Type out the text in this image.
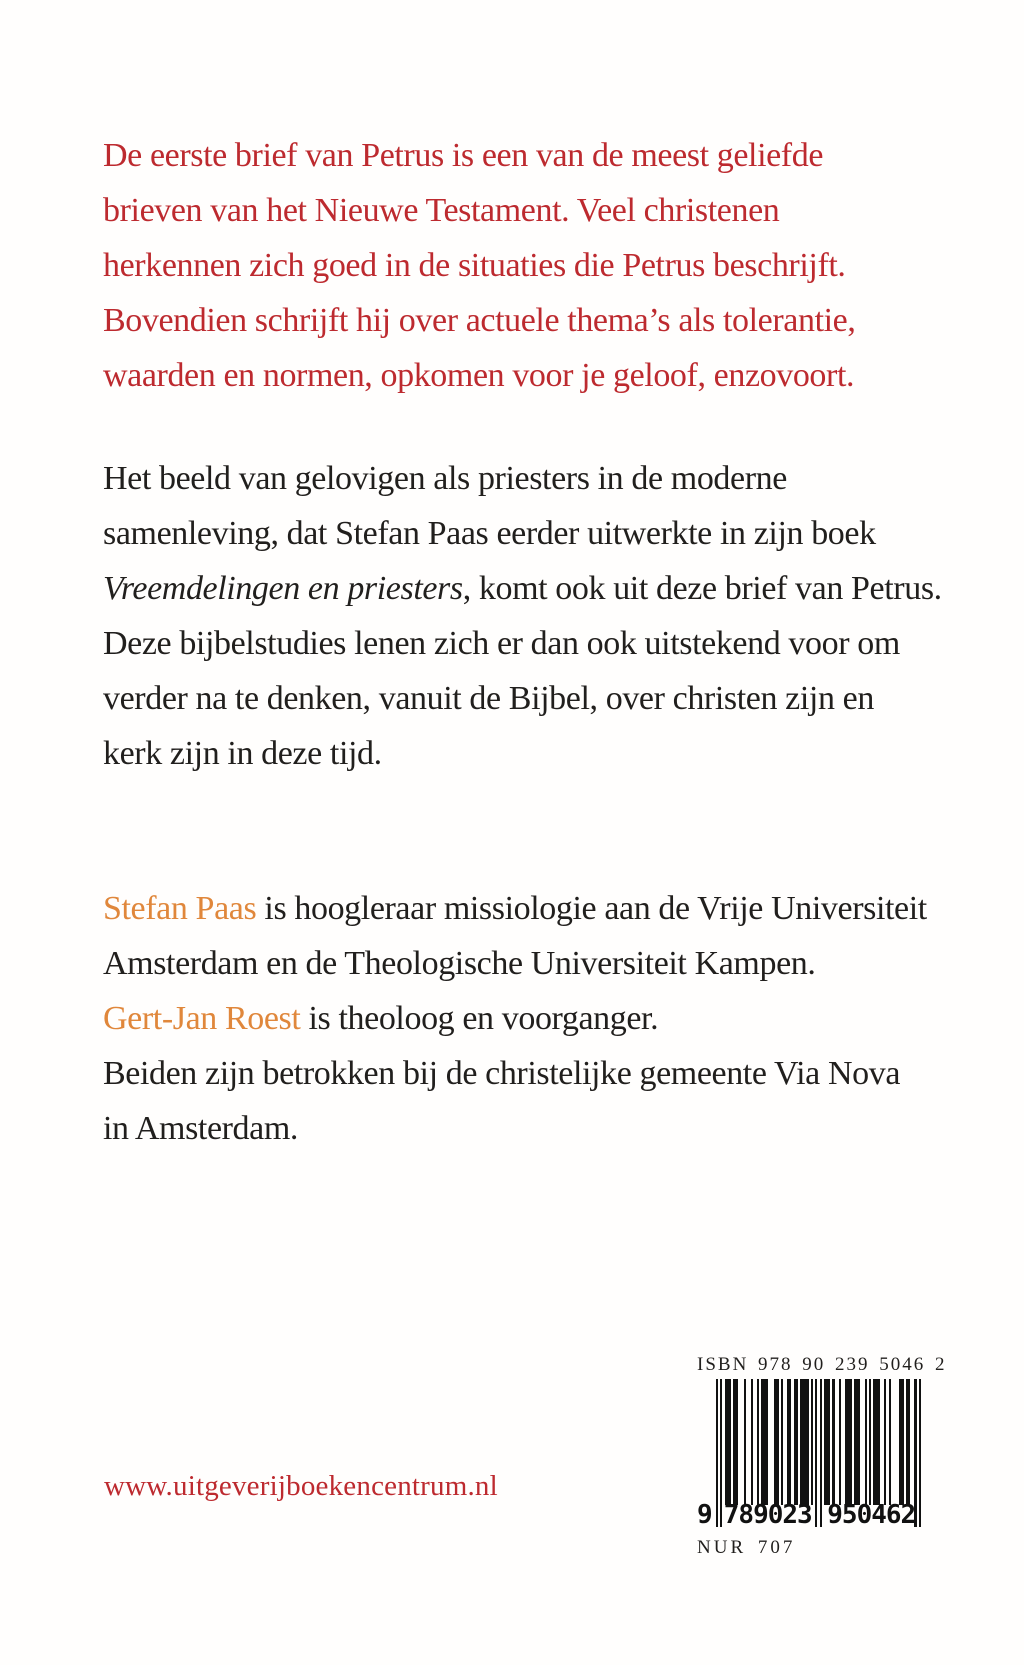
De eerste brief van Petrus is een van de meest geliefde
brieven van het Nieuwe Testament. Veel christenen
herkennen zich goed in de situaties die Petrus beschrijft.
Bovendien schrijft hij over actuele thema’s als tolerantie,
waarden en normen, opkomen voor je geloof, enzovoort.
Het beeld van gelovigen als priesters in de moderne
samenleving, dat Stefan Paas eerder uitwerkte in zijn boek
Vreemdelingen en priesters, komt ook uit deze brief van Petrus.
Deze bijbelstudies lenen zich er dan ook uitstekend voor om
verder na te denken, vanuit de Bijbel, over christen zijn en
kerk zijn in deze tijd.
Stefan Paas is hoogleraar missiologie aan de Vrije Universiteit
Amsterdam en de Theologische Universiteit Kampen.
Gert-Jan Roest is theoloog en voorganger.
Beiden zijn betrokken bij de christelijke gemeente Via Nova
in Amsterdam.
www.uitgeverijboekencentrum.nl
ISBN 978 90 239 5046 2
9 789023 950462
NUR 707
